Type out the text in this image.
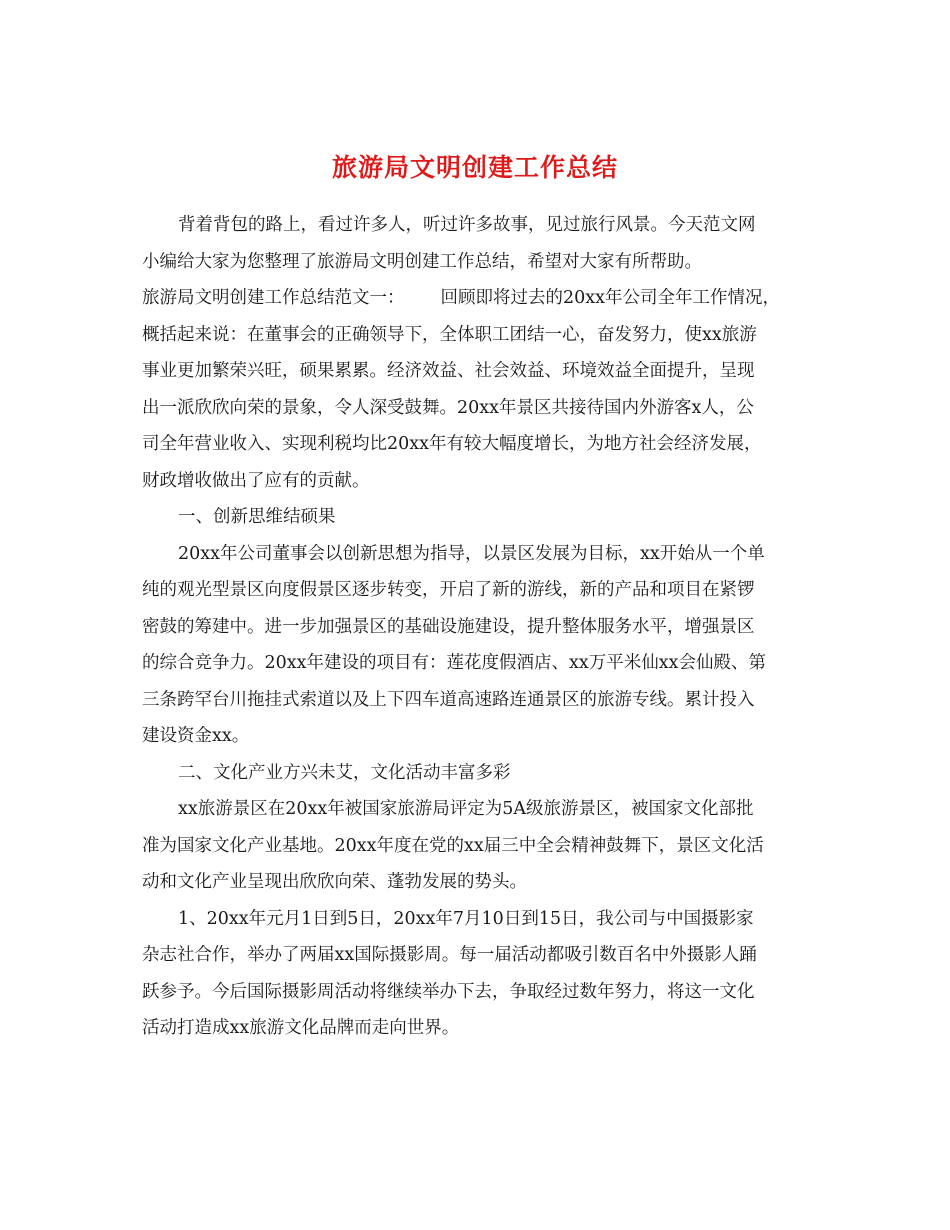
旅游局文明创建工作总结

背着背包的路上，看过许多人，听过许多故事，见过旅行风景。今天范文网

小编给大家为您整理了旅游局文明创建工作总结，希望对大家有所帮助。

旅游局文明创建工作总结范文一： 回顾即将过去的20xx年公司全年工作情况，

概括起来说：在董事会的正确领导下，全体职工团结一心，奋发努力，使xx旅游

事业更加繁荣兴旺，硕果累累。经济效益、社会效益、环境效益全面提升，呈现

出一派欣欣向荣的景象，令人深受鼓舞。20xx年景区共接待国内外游客x人，公

司全年营业收入、实现利税均比20xx年有较大幅度增长，为地方社会经济发展，

财政增收做出了应有的贡献。

一、创新思维结硕果

20xx年公司董事会以创新思想为指导，以景区发展为目标，xx开始从一个单

纯的观光型景区向度假景区逐步转变，开启了新的游线，新的产品和项目在紧锣

密鼓的筹建中。进一步加强景区的基础设施建设，提升整体服务水平，增强景区

的综合竞争力。20xx年建设的项目有：莲花度假酒店、xx万平米仙xx会仙殿、第

三条跨罕台川拖挂式索道以及上下四车道高速路连通景区的旅游专线。累计投入

建设资金xx。

二、文化产业方兴未艾，文化活动丰富多彩

xx旅游景区在20xx年被国家旅游局评定为5A级旅游景区，被国家文化部批

准为国家文化产业基地。20xx年度在党的xx届三中全会精神鼓舞下，景区文化活

动和文化产业呈现出欣欣向荣、蓬勃发展的势头。

1、20xx年元月1日到5日，20xx年7月10日到15日，我公司与中国摄影家

杂志社合作，举办了两届xx国际摄影周。每一届活动都吸引数百名中外摄影人踊

跃参予。今后国际摄影周活动将继续举办下去，争取经过数年努力，将这一文化

活动打造成xx旅游文化品牌而走向世界。
